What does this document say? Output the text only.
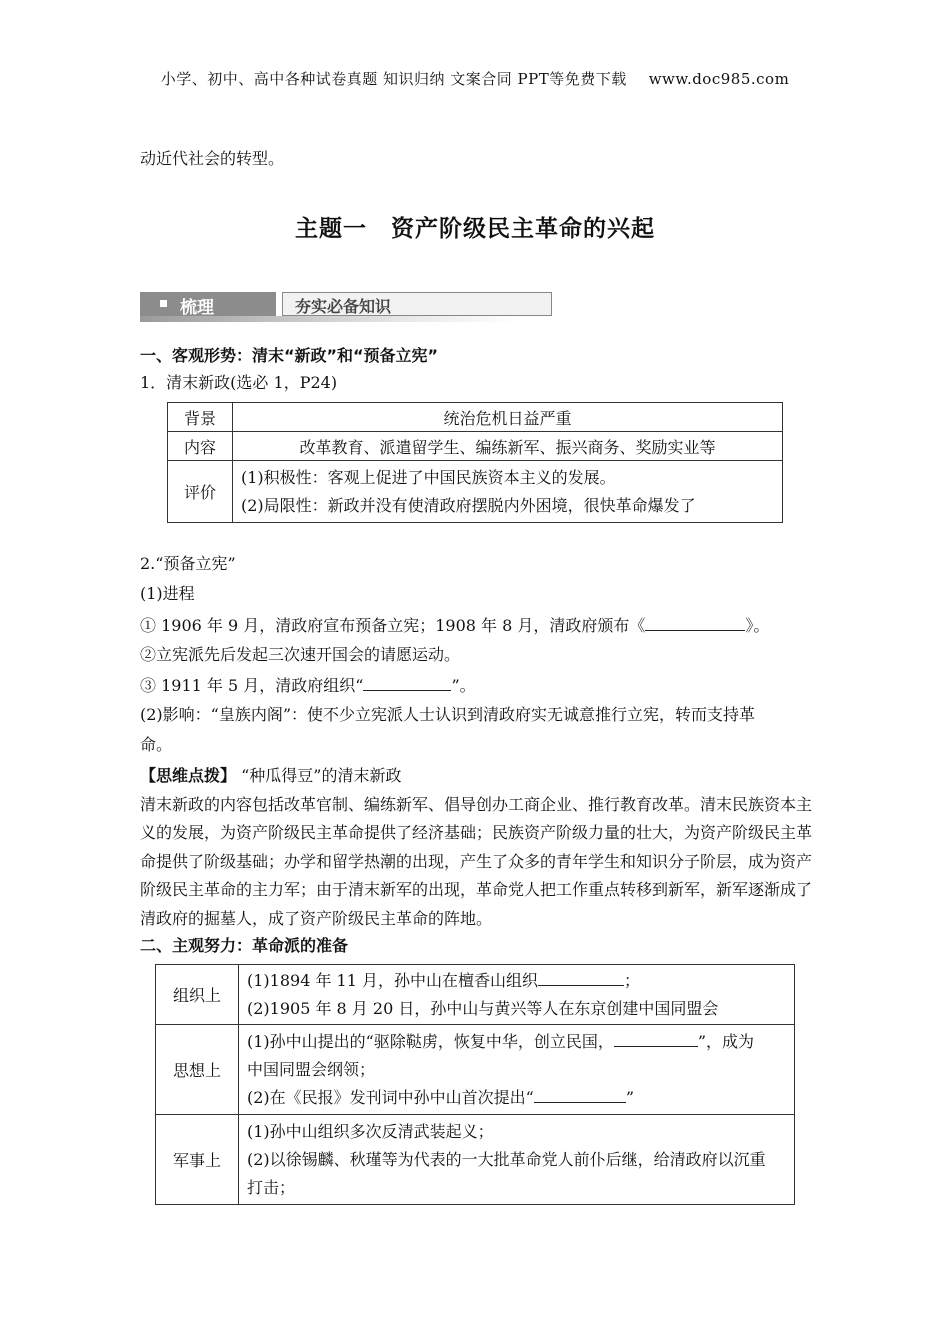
小学、初中、高中各种试卷真题 知识归纳 文案合同 PPT等免费下载 www.doc985.com
动近代社会的转型。
主题一　资产阶级民主革命的兴起
梳理	夯实必备知识
一、客观形势：清末“新政”和“预备立宪”
1．清末新政(选必 1，P24)
背景	统治危机日益严重
内容	改革教育、派遣留学生、编练新军、振兴商务、奖励实业等
评价	(1)积极性：客观上促进了中国民族资本主义的发展。
(2)局限性：新政并没有使清政府摆脱内外困境，很快革命爆发了
2.“预备立宪”
(1)进程
① 1906 年 9 月，清政府宣布预备立宪；1908 年 8 月，清政府颁布《	》。
②立宪派先后发起三次速开国会的请愿运动。
③ 1911 年 5 月，清政府组织“	”。
(2)影响：“皇族内阁”：使不少立宪派人士认识到清政府实无诚意推行立宪，转而支持革
命。
【思维点拨】 “种瓜得豆”的清末新政
清末新政的内容包括改革官制、编练新军、倡导创办工商企业、推行教育改革。清末民族资本主义的发展，为资产阶级民主革命提供了经济基础；民族资产阶级力量的壮大，为资产阶级民主革命提供了阶级基础；办学和留学热潮的出现，产生了众多的青年学生和知识分子阶层，成为资产阶级民主革命的主力军；由于清末新军的出现，革命党人把工作重点转移到新军，新军逐渐成了清政府的掘墓人，成了资产阶级民主革命的阵地。
二、主观努力：革命派的准备
组织上	(1)1894 年 11 月，孙中山在檀香山组织 ；
(2)1905 年 8 月 20 日，孙中山与黄兴等人在东京创建中国同盟会

思想上	(1)孙中山提出的“驱除鞑虏，恢复中华，创立民国， ”，成为
中国同盟会纲领；
(2)在《民报》发刊词中孙中山首次提出“ ”

军事上	(1)孙中山组织多次反清武装起义；
(2)以徐锡麟、秋瑾等为代表的一大批革命党人前仆后继，给清政府以沉重
打击；
